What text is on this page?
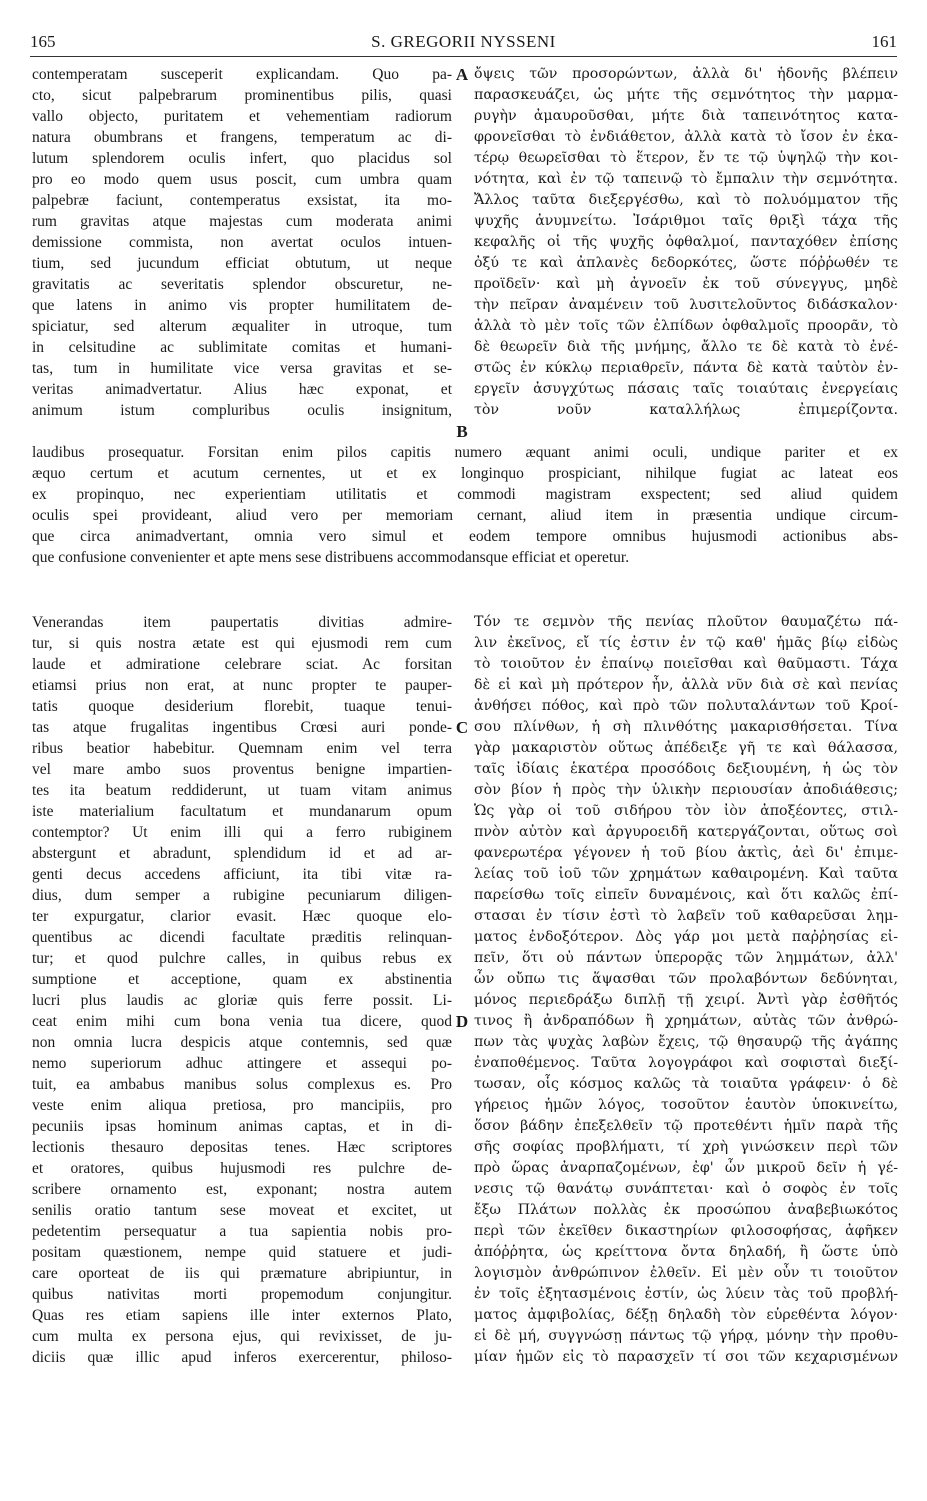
165	S. GREGORII NYSSENI	161
contemperatam susceperit explicandam. Quo pa-
cto, sicut palpebrarum prominentibus pilis, quasi
vallo objecto, puritatem et vehementiam radiorum
natura obumbrans et frangens, temperatum ac di-
lutum splendorem oculis infert, quo placidus sol
pro eo modo quem usus poscit, cum umbra quam
palpebræ faciunt, contemperatus exsistat, ita mo-
rum gravitas atque majestas cum moderata animi
demissione commista, non avertat oculos intuen-
tium, sed jucundum efficiat obtutum, ut neque
gravitatis ac severitatis splendor obscuretur, ne-
que latens in animo vis propter humilitatem de-
spiciatur, sed alterum æqualiter in utroque, tum
in celsitudine ac sublimitate comitas et humani-
tas, tum in humilitate vice versa gravitas et se-
veritas animadvertatur. Alius hæc exponat, et
animum istum compluribus oculis insignitum,
ὄψεις τῶν προσορώντων, ἀλλὰ δι' ἡδονῆς βλέπειν
παρασκευάζει, ὡς μήτε τῆς σεμνότητος τὴν μαρμα-
ρυγὴν ἀμαυροῦσθαι, μήτε διὰ ταπεινότητος κατα-
φρονεῖσθαι τὸ ἐνδιάθετον, ἀλλὰ κατὰ τὸ ἴσον ἐν ἑκα-
τέρῳ θεωρεῖσθαι τὸ ἕτερον, ἔν τε τῷ ὑψηλῷ τὴν κοι-
νότητα, καὶ ἐν τῷ ταπεινῷ τὸ ἔμπαλιν τὴν σεμνότητα.
Ἄλλος ταῦτα διεξεργέσθω, καὶ τὸ πολυόμματον τῆς
ψυχῆς ἀνυμνείτω. Ἰσάριθμοι ταῖς θριξὶ τάχα τῆς
κεφαλῆς οἱ τῆς ψυχῆς ὀφθαλμοί, πανταχόθεν ἐπίσης
ὀξύ τε καὶ ἀπλανὲς δεδορκότες, ὥστε πόῤῥωθέν τε
προϊδεῖν· καὶ μὴ ἀγνοεῖν ἐκ τοῦ σύνεγγυς, μηδὲ
τὴν πεῖραν ἀναμένειν τοῦ λυσιτελοῦντος διδάσκαλον·
ἀλλὰ τὸ μὲν τοῖς τῶν ἐλπίδων ὀφθαλμοῖς προορᾶν, τὸ
δὲ θεωρεῖν διὰ τῆς μνήμης, ἄλλο τε δὲ κατὰ τὸ ἐνέ-
στῶς ἐν κύκλῳ περιαθρεῖν, πάντα δὲ κατὰ ταὐτὸν ἐν-
εργεῖν ἀσυγχύτως πάσαις ταῖς τοιαύταις ἐνεργείαις
τὸν νοῦν καταλλήλως ἐπιμερίζοντα.
A
B
laudibus prosequatur. Forsitan enim pilos capitis numero æquant animi oculi, undique pariter et ex
æquo certum et acutum cernentes, ut et ex longinquo prospiciant, nihilque fugiat ac lateat eos
ex propinquo, nec experientiam utilitatis et commodi magistram exspectent; sed aliud quidem
oculis spei provideant, aliud vero per memoriam cernant, aliud item in præsentia undique circum-
que circa animadvertant, omnia vero simul et eodem tempore omnibus hujusmodi actionibus abs-
que confusione convenienter et apte mens sese distribuens accommodansque efficiat et operetur.
Venerandas item paupertatis divitias admire-
tur, si quis nostra ætate est qui ejusmodi rem cum
laude et admiratione celebrare sciat. Ac forsitan
etiamsi prius non erat, at nunc propter te pauper-
tatis quoque desiderium florebit, tuaque tenui-
tas atque frugalitas ingentibus Crœsi auri ponde-
ribus beatior habebitur. Quemnam enim vel terra
vel mare ambo suos proventus benigne impartien-
tes ita beatum reddiderunt, ut tuam vitam animus
iste materialium facultatum et mundanarum opum
contemptor? Ut enim illi qui a ferro rubiginem
abstergunt et abradunt, splendidum id et ad ar-
genti decus accedens afficiunt, ita tibi vitæ ra-
dius, dum semper a rubigine pecuniarum diligen-
ter expurgatur, clarior evasit. Hæc quoque elo-
quentibus ac dicendi facultate præditis relinquan-
tur; et quod pulchre calles, in quibus rebus ex
sumptione et acceptione, quam ex abstinentia
lucri plus laudis ac gloriæ quis ferre possit. Li-
ceat enim mihi cum bona venia tua dicere, quod
non omnia lucra despicis atque contemnis, sed quæ
nemo superiorum adhuc attingere et assequi po-
tuit, ea ambabus manibus solus complexus es. Pro
veste enim aliqua pretiosa, pro mancipiis, pro
pecuniis ipsas hominum animas captas, et in di-
lectionis thesauro depositas tenes. Hæc scriptores
et oratores, quibus hujusmodi res pulchre de-
scribere ornamento est, exponant; nostra autem
senilis oratio tantum sese moveat et excitet, ut
pedetentim persequatur a tua sapientia nobis pro-
positam quæstionem, nempe quid statuere et judi-
care oporteat de iis qui præmature abripiuntur, in
quibus nativitas morti propemodum conjungitur.
Quas res etiam sapiens ille inter externos Plato,
cum multa ex persona ejus, qui revixisset, de ju-
diciis quæ illic apud inferos exercerentur, philoso-
Τόν τε σεμνὸν τῆς πενίας πλοῦτον θαυμαζέτω πά-
λιν ἐκεῖνος, εἴ τίς ἐστιν ἐν τῷ καθ' ἡμᾶς βίῳ εἰδὼς
τὸ τοιοῦτον ἐν ἐπαίνῳ ποιεῖσθαι καὶ θαῦμαστι. Τάχα
δὲ εἰ καὶ μὴ πρότερον ἦν, ἀλλὰ νῦν διὰ σὲ καὶ πενίας
ἀνθήσει πόθος, καὶ πρὸ τῶν πολυταλάντων τοῦ Κροί-
σου πλίνθων, ἡ σὴ πλινθότης μακαρισθήσεται. Τίνα
γὰρ μακαριστὸν οὕτως ἀπέδειξε γῆ τε καὶ θάλασσα,
ταῖς ἰδίαις ἑκατέρα προσόδοις δεξιουμένη, ἡ ὡς τὸν
σὸν βίον ἡ πρὸς τὴν ὑλικὴν περιουσίαν ἀποδιάθεσις;
Ὡς γὰρ οἱ τοῦ σιδήρου τὸν ἰὸν ἀποξέοντες, στιλ-
πνὸν αὐτὸν καὶ ἀργυροειδῆ κατεργάζονται, οὕτως σοὶ
φανερωτέρα γέγονεν ἡ τοῦ βίου ἀκτὶς, ἀεὶ δι' ἐπιμε-
λείας τοῦ ἰοῦ τῶν χρημάτων καθαιρομένη. Καὶ ταῦτα
παρείσθω τοῖς εἰπεῖν δυναμένοις, καὶ ὅτι καλῶς ἐπί-
στασαι ἐν τίσιν ἐστὶ τὸ λαβεῖν τοῦ καθαρεῦσαι λημ-
ματος ἐνδοξότερον. Δὸς γάρ μοι μετὰ παῤῥησίας εἰ-
πεῖν, ὅτι οὐ πάντων ὑπερορᾷς τῶν λημμάτων, ἀλλ'
ὧν οὔπω τις ἅψασθαι τῶν προλαβόντων δεδύνηται,
μόνος περιεδράξω διπλῇ τῇ χειρί. Ἀντὶ γὰρ ἐσθῆτός
τινος ἢ ἀνδραπόδων ἢ χρημάτων, αὐτὰς τῶν ἀνθρώ-
πων τὰς ψυχὰς λαβὼν ἔχεις, τῷ θησαυρῷ τῆς ἀγάπης
ἐναποθέμενος. Ταῦτα λογογράφοι καὶ σοφισταὶ διεξί-
τωσαν, οἷς κόσμος καλῶς τὰ τοιαῦτα γράφειν· ὁ δὲ
γήρειος ἡμῶν λόγος, τοσοῦτον ἑαυτὸν ὑποκινείτω,
ὅσον βάδην ἐπεξελθεῖν τῷ προτεθέντι ἡμῖν παρὰ τῆς
σῆς σοφίας προβλήματι, τί χρὴ γινώσκειν περὶ τῶν
πρὸ ὥρας ἀναρπαζομένων, ἐφ' ὧν μικροῦ δεῖν ἡ γέ-
νεσις τῷ θανάτῳ συνάπτεται· καὶ ὁ σοφὸς ἐν τοῖς
ἔξω Πλάτων πολλὰς ἐκ προσώπου ἀναβεβιωκότος
περὶ τῶν ἐκεῖθεν δικαστηρίων φιλοσοφήσας, ἀφῆκεν
ἀπόῤῥητα, ὡς κρείττονα ὄντα δηλαδή, ἢ ὥστε ὑπὸ
λογισμὸν ἀνθρώπινον ἐλθεῖν. Εἰ μὲν οὖν τι τοιοῦτον
ἐν τοῖς ἐξητασμένοις ἐστίν, ὡς λύειν τὰς τοῦ προβλή-
ματος ἀμφιβολίας, δέξῃ δηλαδὴ τὸν εὑρεθέντα λόγον·
εἰ δὲ μή, συγγνώσῃ πάντως τῷ γήρᾳ, μόνην τὴν προθυ-
μίαν ἡμῶν εἰς τὸ παρασχεῖν τί σοι τῶν κεχαρισμένων
C
D
